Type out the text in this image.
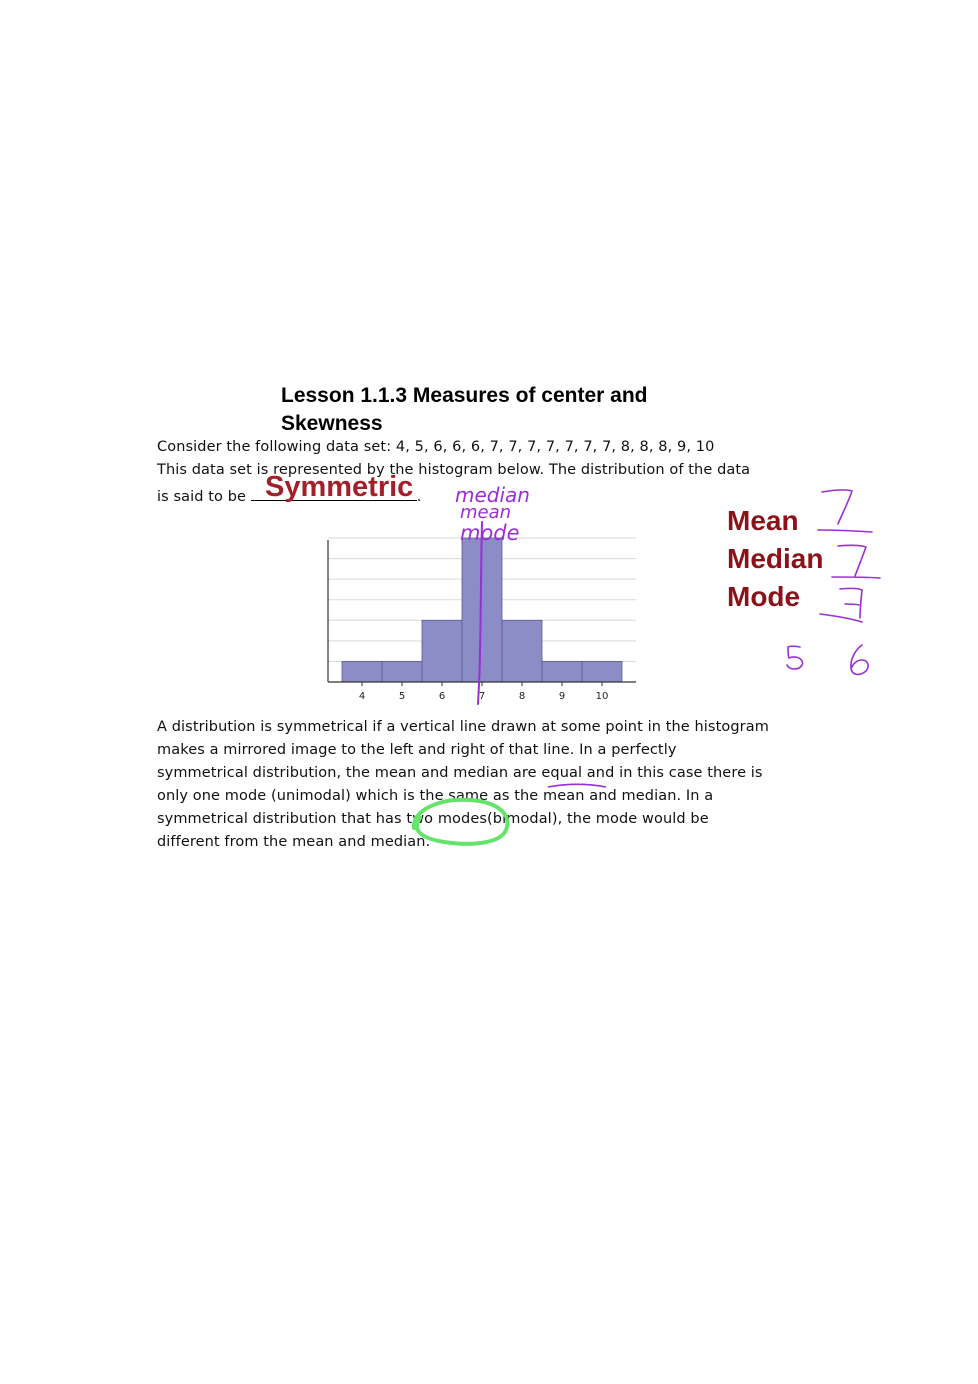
Lesson 1.1.3 Measures of center and Skewness
Consider the following data set: 4, 5, 6, 6, 6, 7, 7, 7, 7, 7, 7, 7, 8, 8, 8, 9, 10
This data set is represented by the histogram below. The distribution of the data
is said to be	.
Symmetric
Mean
Median
Mode
A distribution is symmetrical if a vertical line drawn at some point in the histogram
makes a mirrored image to the left and right of that line. In a perfectly
symmetrical distribution, the mean and median are equal and in this case there is
only one mode (unimodal) which is the same as the mean and median. In a
symmetrical distribution that has two modes(bimodal), the mode would be
different from the mean and median.
4	5	6	7	8	9	10
median
mean
mode
